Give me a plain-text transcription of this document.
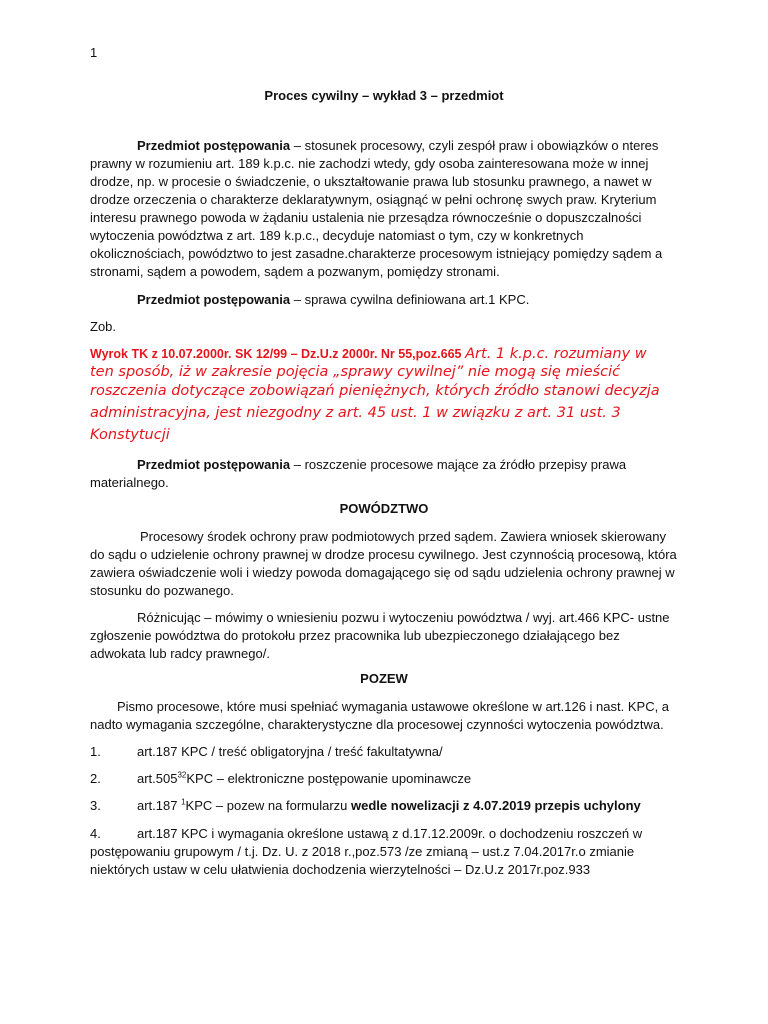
1
Proces cywilny – wykład 3 – przedmiot
Przedmiot postępowania – stosunek procesowy, czyli zespół praw i obowiązków o nteres
prawny w rozumieniu art. 189 k.p.c. nie zachodzi wtedy, gdy osoba zainteresowana może w innej
drodze, np. w procesie o świadczenie, o ukształtowanie prawa lub stosunku prawnego, a nawet w
drodze orzeczenia o charakterze deklaratywnym, osiągnąć w pełni ochronę swych praw. Kryterium
interesu prawnego powoda w żądaniu ustalenia nie przesądza równocześnie o dopuszczalności
wytoczenia powództwa z art. 189 k.p.c., decyduje natomiast o tym, czy w konkretnych
okolicznościach, powództwo to jest zasadne.charakterze procesowym istniejący pomiędzy sądem a
stronami, sądem a powodem, sądem a pozwanym, pomiędzy stronami.
Przedmiot postępowania – sprawa cywilna definiowana art.1 KPC.
Zob.
Wyrok TK z 10.07.2000r. SK 12/99 – Dz.U.z 2000r. Nr 55,poz.665 Art. 1 k.p.c. rozumiany w
ten sposób, iż w zakresie pojęcia „sprawy cywilnej” nie mogą się mieścić
roszczenia dotyczące zobowiązań pieniężnych, których źródło stanowi decyzja
administracyjna, jest niezgodny z art. 45 ust. 1 w związku z art. 31 ust. 3
Konstytucji
Przedmiot postępowania – roszczenie procesowe mające za źródło przepisy prawa
materialnego.
POWÓDZTWO
Procesowy środek ochrony praw podmiotowych przed sądem. Zawiera wniosek skierowany
do sądu o udzielenie ochrony prawnej w drodze procesu cywilnego. Jest czynnością procesową, która
zawiera oświadczenie woli i wiedzy powoda domagającego się od sądu udzielenia ochrony prawnej w
stosunku do pozwanego.
Różnicując – mówimy o wniesieniu pozwu i wytoczeniu powództwa / wyj. art.466 KPC- ustne
zgłoszenie powództwa do protokołu przez pracownika lub ubezpieczonego działającego bez
adwokata lub radcy prawnego/.
POZEW
Pismo procesowe, które musi spełniać wymagania ustawowe określone w art.126 i nast. KPC, a
nadto wymagania szczególne, charakterystyczne dla procesowej czynności wytoczenia powództwa.
1.	art.187 KPC / treść obligatoryjna / treść fakultatywna/
2.	art.505$^{32}$KPC – elektroniczne postępowanie upominawcze
3.	art.187 $^1$KPC – pozew na formularzu wedle nowelizacji z 4.07.2019 przepis uchylony
4.	art.187 KPC i wymagania określone ustawą z d.17.12.2009r. o dochodzeniu roszczeń w
postępowaniu grupowym / t.j. Dz. U. z 2018 r.,poz.573 /ze zmianą – ust.z 7.04.2017r.o zmianie
niektórych ustaw w celu ułatwienia dochodzenia wierzytelności – Dz.U.z 2017r.poz.933
